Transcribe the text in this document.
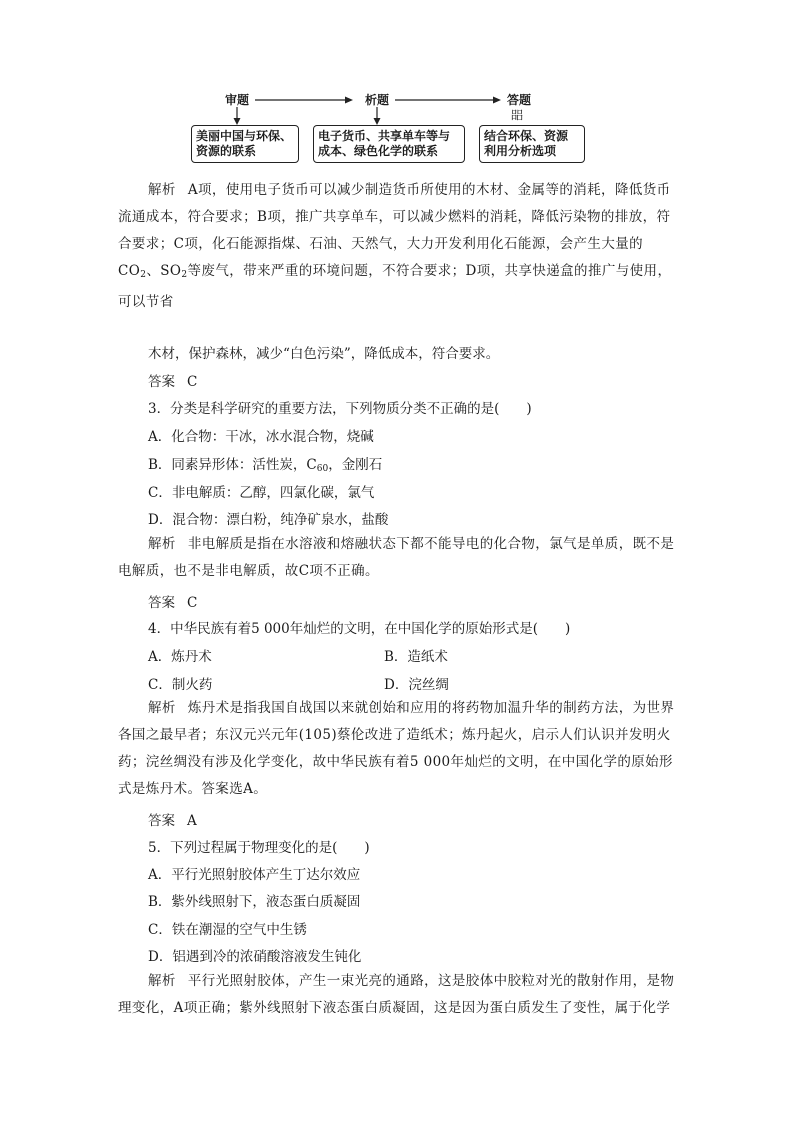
审题	析题	答题
㗊
美丽中国与环保、
资源的联系
电子货币、共享单车等与
成本、绿色化学的联系
结合环保、资源
利用分析选项
解析 A项，使用电子货币可以减少制造货币所使用的木材、金属等的消耗，降低货币流通成本，符合要求；B项，推广共享单车，可以减少燃料的消耗，降低污染物的排放，符合要求；C项，化石能源指煤、石油、天然气，大力开发利用化石能源，会产生大量的$CO_2$、$SO_2$等废气，带来严重的环境问题，不符合要求；D项，共享快递盒的推广与使用，可以节省
木材，保护森林，减少“白色污染”，降低成本，符合要求。
答案 C
3．分类是科学研究的重要方法，下列物质分类不正确的是(　　)
A．化合物：干冰，冰水混合物，烧碱
B．同素异形体：活性炭，$C_{60}$，金刚石
C．非电解质：乙醇，四氯化碳，氯气
D．混合物：漂白粉，纯净矿泉水，盐酸
解析 非电解质是指在水溶液和熔融状态下都不能导电的化合物，氯气是单质，既不是电解质，也不是非电解质，故C项不正确。
答案 C
4．中华民族有着5 000年灿烂的文明，在中国化学的原始形式是(　　)
A．炼丹术	B．造纸术
C．制火药	D．浣丝绸
解析 炼丹术是指我国自战国以来就创始和应用的将药物加温升华的制药方法，为世界各国之最早者；东汉元兴元年(105)蔡伦改进了造纸术；炼丹起火，启示人们认识并发明火药；浣丝绸没有涉及化学变化，故中华民族有着5 000年灿烂的文明，在中国化学的原始形式是炼丹术。答案选A。
答案 A
5．下列过程属于物理变化的是(　　)
A．平行光照射胶体产生丁达尔效应
B．紫外线照射下，液态蛋白质凝固
C．铁在潮湿的空气中生锈
D．铝遇到冷的浓硝酸溶液发生钝化
解析 平行光照射胶体，产生一束光亮的通路，这是胶体中胶粒对光的散射作用，是物理变化，A项正确；紫外线照射下液态蛋白质凝固，这是因为蛋白质发生了变性，属于化学
